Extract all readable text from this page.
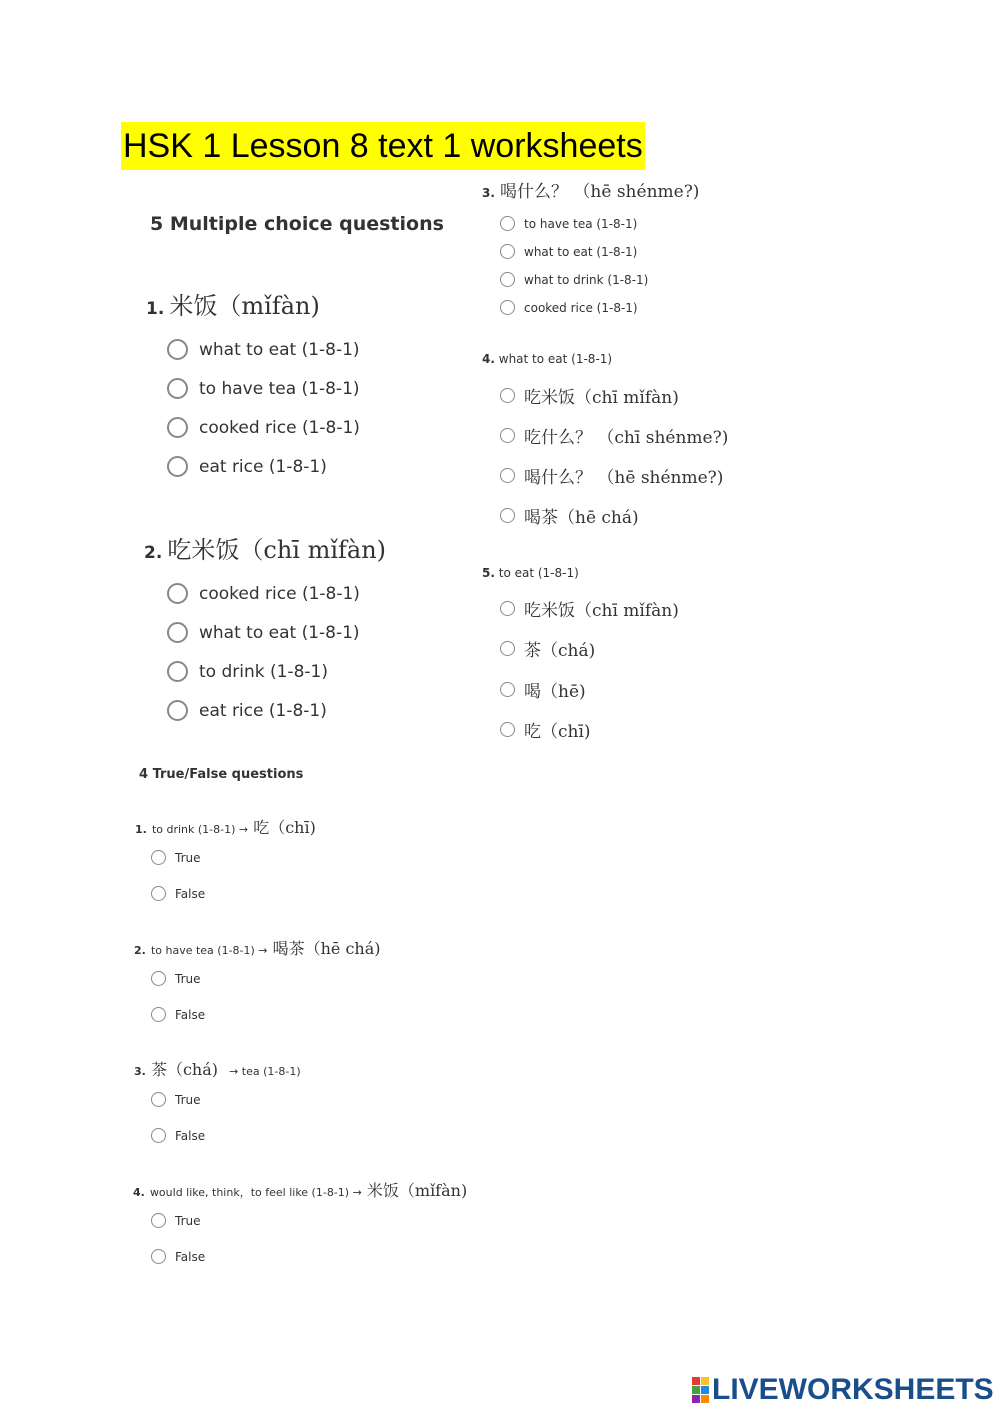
HSK 1 Lesson 8 text 1 worksheets
5 Multiple choice questions
1. 米饭（mǐfàn)
what to eat (1-8-1)
to have tea (1-8-1)
cooked rice (1-8-1)
eat rice (1-8-1)
2. 吃米饭（chī mǐfàn)
cooked rice (1-8-1)
what to eat (1-8-1)
to drink (1-8-1)
eat rice (1-8-1)
3. 喝什么？ （hē shénme?)
to have tea (1-8-1)
what to eat (1-8-1)
what to drink (1-8-1)
cooked rice (1-8-1)
4. what to eat (1-8-1)
吃米饭（chī mǐfàn)
吃什么？ （chī shénme?)
喝什么？ （hē shénme?)
喝茶（hē chá)
5. to eat (1-8-1)
吃米饭（chī mǐfàn)
茶（chá)
喝（hē)
吃（chī)
4 True/False questions
1. to drink (1-8-1) → 吃（chī)
True
False
2. to have tea (1-8-1) → 喝茶（hē chá)
True
False
3. 茶（chá) → tea (1-8-1)
True
False
4. would like, think，to feel like (1-8-1) → 米饭（mǐfàn)
True
False
LIVEWORKSHEETS
